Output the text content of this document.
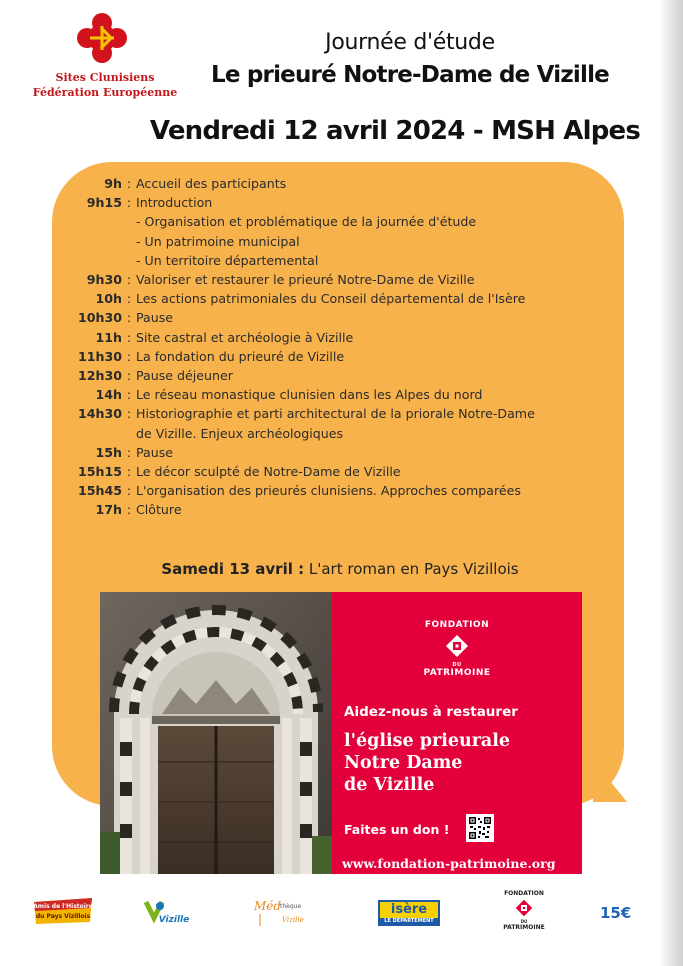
Sites Clunisiens
Fédération Européenne
Journée d'étude
Le prieuré Notre-Dame de Vizille
Vendredi 12 avril 2024 - MSH Alpes
9h : Accueil des participants
9h15 : Introduction
- Organisation et problématique de la journée d'étude
- Un patrimoine municipal
- Un territoire départemental
9h30 : Valoriser et restaurer le prieuré Notre-Dame de Vizille
10h : Les actions patrimoniales du Conseil départemental de l'Isère
10h30 : Pause
11h : Site castral et archéologie à Vizille
11h30 : La fondation du prieuré de Vizille
12h30 : Pause déjeuner
14h : Le réseau monastique clunisien dans les Alpes du nord
14h30 : Historiographie et parti architectural de la priorale Notre-Dame
de Vizille. Enjeux archéologiques
15h : Pause
15h15 : Le décor sculpté de Notre-Dame de Vizille
15h45 : L'organisation des prieurés clunisiens. Approches comparées
17h : Clôture
Samedi 13 avril : L'art roman en Pays Vizillois
FONDATION
DU
PATRIMOINE
Aidez-nous à restaurer
l'église prieurale
Notre Dame
de Vizille
Faites un don !
www.fondation-patrimoine.org
Amis de l'Histoire
du Pays Vizillois	Vizille
Méd
thèque
Vizille
isère
LE DÉPARTEMENT
FONDATION
DU
PATRIMOINE
15€
